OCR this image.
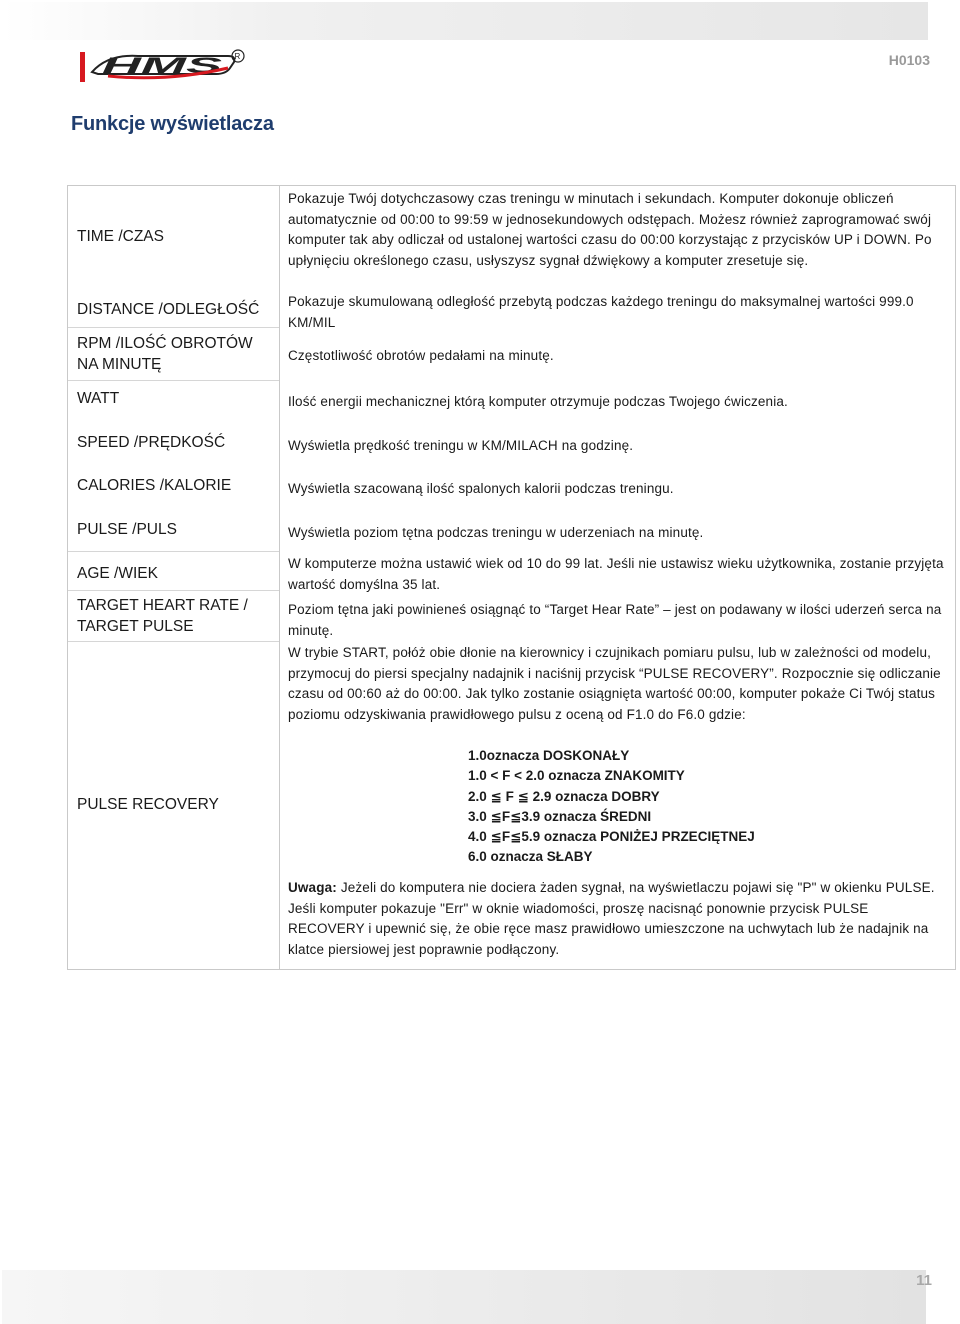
HMS R	H0103
Funkcje wyświetlacza
TIME /CZAS
DISTANCE /ODLEGŁOŚĆ
RPM /ILOŚĆ OBROTÓW NA MINUTĘ
WATT
SPEED /PRĘDKOŚĆ
CALORIES /KALORIE
PULSE /PULS
AGE /WIEK
TARGET HEART RATE / TARGET PULSE
PULSE RECOVERY
Pokazuje Twój dotychczasowy czas treningu w minutach i sekundach. Komputer dokonuje obliczeń automatycznie od 00:00 to 99:59 w jednosekundowych odstępach. Możesz również zaprogramować swój komputer tak aby odliczał od ustalonej wartości czasu do 00:00 korzystając z przycisków UP i DOWN. Po upłynięciu określonego czasu, usłyszysz sygnał dźwiękowy a komputer zresetuje się.
Pokazuje skumulowaną odległość przebytą podczas każdego treningu do maksymalnej wartości 999.0 KM/MIL
Częstotliwość obrotów pedałami na minutę.
Ilość energii mechanicznej którą komputer otrzymuje podczas Twojego ćwiczenia.
Wyświetla prędkość treningu w KM/MILACH na godzinę.
Wyświetla szacowaną ilość spalonych kalorii podczas treningu.
Wyświetla poziom tętna podczas treningu w uderzeniach na minutę.
W komputerze można ustawić wiek od 10 do 99 lat. Jeśli nie ustawisz wieku użytkownika, zostanie przyjęta wartość domyślna 35 lat.
Poziom tętna jaki powinieneś osiągnąć to “Target Hear Rate” – jest on podawany w ilości uderzeń serca na minutę.
W trybie START, połóż obie dłonie na kierownicy i czujnikach pomiaru pulsu, lub w zależności od modelu, przymocuj do piersi specjalny nadajnik i naciśnij przycisk “PULSE RECOVERY”. Rozpocznie się odliczanie czasu od 00:60 aż do 00:00. Jak tylko zostanie osiągnięta wartość 00:00, komputer pokaże Ci Twój status poziomu odzyskiwania prawidłowego pulsu z oceną od F1.0 do F6.0 gdzie:
1.0oznacza DOSKONAŁY
1.0 < F < 2.0 oznacza ZNAKOMITY
2.0 ≦ F ≦ 2.9 oznacza DOBRY
3.0 ≦F≦3.9 oznacza ŚREDNI
4.0 ≦F≦5.9 oznacza PONIŻEJ PRZECIĘTNEJ
6.0 oznacza SŁABY
Uwaga: Jeżeli do komputera nie dociera żaden sygnał, na wyświetlaczu pojawi się "P" w okienku PULSE. Jeśli komputer pokazuje "Err" w oknie wiadomości, proszę nacisnąć ponownie przycisk PULSE RECOVERY i upewnić się, że obie ręce masz prawidłowo umieszczone na uchwytach lub że nadajnik na klatce piersiowej jest poprawnie podłączony.
11
